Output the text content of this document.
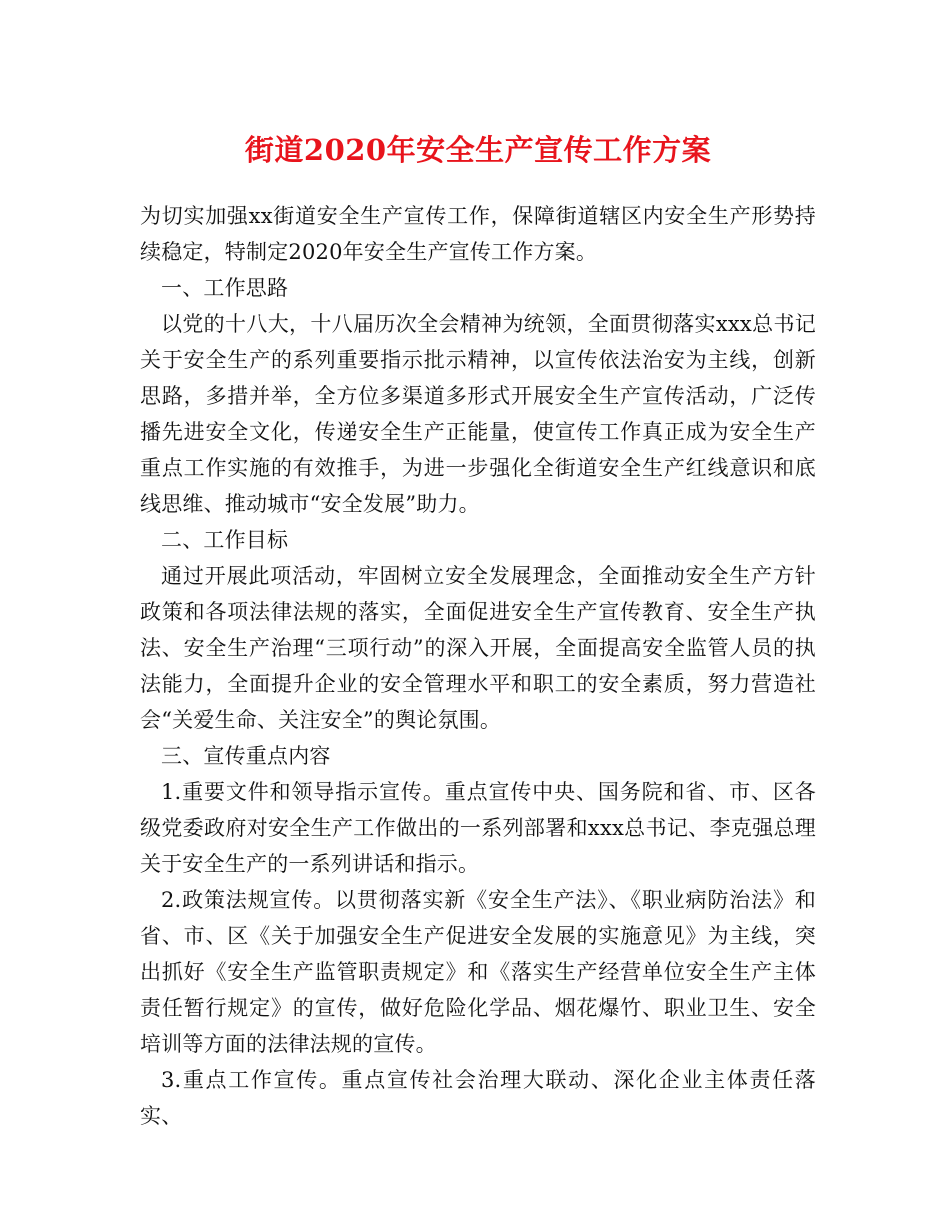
街道2020年安全生产宣传工作方案

为切实加强xx街道安全生产宣传工作，保障街道辖区内安全生产形势持续稳定，特制定2020年安全生产宣传工作方案。

一、工作思路

以党的十八大，十八届历次全会精神为统领，全面贯彻落实xxx总书记关于安全生产的系列重要指示批示精神，以宣传依法治安为主线，创新思路，多措并举，全方位多渠道多形式开展安全生产宣传活动，广泛传播先进安全文化，传递安全生产正能量，使宣传工作真正成为安全生产重点工作实施的有效推手，为进一步强化全街道安全生产红线意识和底线思维、推动城市“安全发展”助力。

二、工作目标

通过开展此项活动，牢固树立安全发展理念，全面推动安全生产方针政策和各项法律法规的落实，全面促进安全生产宣传教育、安全生产执法、安全生产治理“三项行动”的深入开展，全面提高安全监管人员的执法能力，全面提升企业的安全管理水平和职工的安全素质，努力营造社会“关爱生命、关注安全”的舆论氛围。

三、宣传重点内容

1.重要文件和领导指示宣传。重点宣传中央、国务院和省、市、区各级党委政府对安全生产工作做出的一系列部署和xxx总书记、李克强总理关于安全生产的一系列讲话和指示。

2.政策法规宣传。以贯彻落实新《安全生产法》、《职业病防治法》和省、市、区《关于加强安全生产促进安全发展的实施意见》为主线，突出抓好《安全生产监管职责规定》和《落实生产经营单位安全生产主体责任暂行规定》的宣传，做好危险化学品、烟花爆竹、职业卫生、安全培训等方面的法律法规的宣传。

3.重点工作宣传。重点宣传社会治理大联动、深化企业主体责任落实、
